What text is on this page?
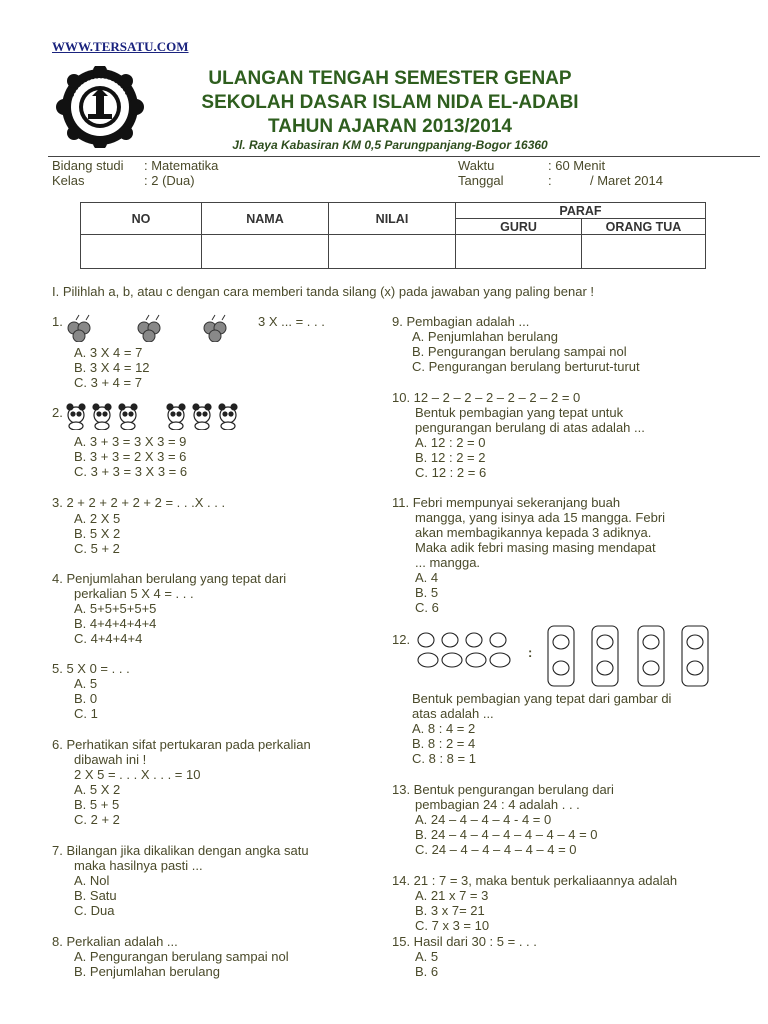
WWW.TERSATU.COM
ULANGAN TENGAH SEMESTER GENAP
SEKOLAH DASAR ISLAM NIDA EL-ADABI
TAHUN AJARAN 2013/2014
Jl. Raya Kabasiran KM 0,5 Parungpanjang-Bogor 16360
Bidang studi : Matematika
Kelas	: 2 (Dua)
Waktu	: 60 Menit
Tanggal	:	/ Maret 2014
NO	NAMA	NILAI	PARAF	
			GURU	ORANG TUA

I. Pilihlah a, b, atau c dengan cara memberi tanda silang (x) pada jawaban yang paling benar !
1.	3 X ... = . . .
A. 3 X 4 = 7
B. 3 X 4 = 12
C. 3 + 4 = 7
2.
A. 3 + 3 = 3 X 3 = 9
B. 3 + 3 = 2 X 3 = 6
C. 3 + 3 = 3 X 3 = 6
3. 2 + 2 + 2 + 2 + 2 = . . .X . . .
A. 2 X 5
B. 5 X 2
C. 5 + 2
4. Penjumlahan berulang yang tepat dari
perkalian 5 X 4 = . . .
A. 5+5+5+5+5
B. 4+4+4+4+4
C. 4+4+4+4
5. 5 X 0 = . . .
A. 5
B. 0
C. 1
6. Perhatikan sifat pertukaran pada perkalian
dibawah ini !
2 X 5 = . . . X . . . = 10
A. 5 X 2
B. 5 + 5
C. 2 + 2
7. Bilangan jika dikalikan dengan angka satu
maka hasilnya pasti ...
A. Nol
B. Satu
C. Dua
8. Perkalian adalah ...
A. Pengurangan berulang sampai nol
B. Penjumlahan berulang
9. Pembagian adalah ...
A. Penjumlahan berulang
B. Pengurangan berulang sampai nol
C. Pengurangan berulang berturut-turut
10. 12 – 2 – 2 – 2 – 2 – 2 – 2 = 0
Bentuk pembagian yang tepat untuk
pengurangan berulang di atas adalah ...
A. 12 : 2 = 0
B. 12 : 2 = 2
C. 12 : 2 = 6
11. Febri mempunyai sekeranjang buah
mangga, yang isinya ada 15 mangga. Febri
akan membagikannya kepada 3 adiknya.
Maka adik febri masing masing mendapat
... mangga.
A. 4
B. 5
C. 6
12.
:
Bentuk pembagian yang tepat dari gambar di
atas adalah ...
A. 8 : 4 = 2
B. 8 : 2 = 4
C. 8 : 8 = 1
13. Bentuk pengurangan berulang dari
pembagian 24 : 4 adalah . . .
A. 24 – 4 – 4 – 4 - 4 = 0
B. 24 – 4 – 4 – 4 – 4 – 4 – 4 = 0
C. 24 – 4 – 4 – 4 – 4 – 4 = 0
14. 21 : 7 = 3, maka bentuk perkaliaannya adalah
A. 21 x 7 = 3
B. 3 x 7= 21
C. 7 x 3 = 10
15. Hasil dari 30 : 5 = . . .
A. 5
B. 6
